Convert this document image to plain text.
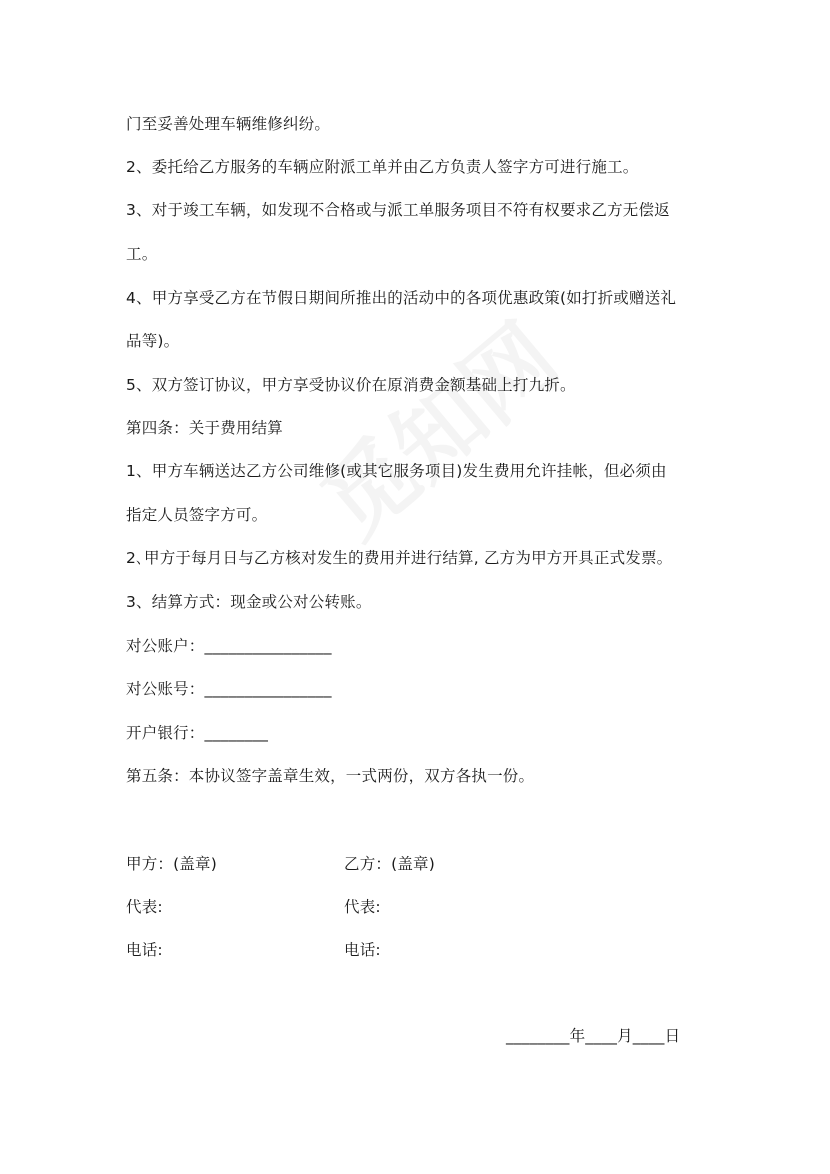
门至妥善处理车辆维修纠纷。
2、委托给乙方服务的车辆应附派工单并由乙方负责人签字方可进行施工。
3、对于竣工车辆，如发现不合格或与派工单服务项目不符有权要求乙方无偿返
工。
4、甲方享受乙方在节假日期间所推出的活动中的各项优惠政策(如打折或赠送礼
品等)。
5、双方签订协议，甲方享受协议价在原消费金额基础上打九折。
第四条：关于费用结算
1、甲方车辆送达乙方公司维修(或其它服务项目)发生费用允许挂帐，但必须由
指定人员签字方可。
2､甲方于每月日与乙方核对发生的费用并进行结算, 乙方为甲方开具正式发票。
3、结算方式：现金或公对公转账。
对公账户：________________
对公账号：________________
开户银行：________
第五条：本协议签字盖章生效，一式两份，双方各执一份。
甲方：(盖章)	乙方：(盖章)
代表:	代表:
电话:	电话:
________年____月____日
